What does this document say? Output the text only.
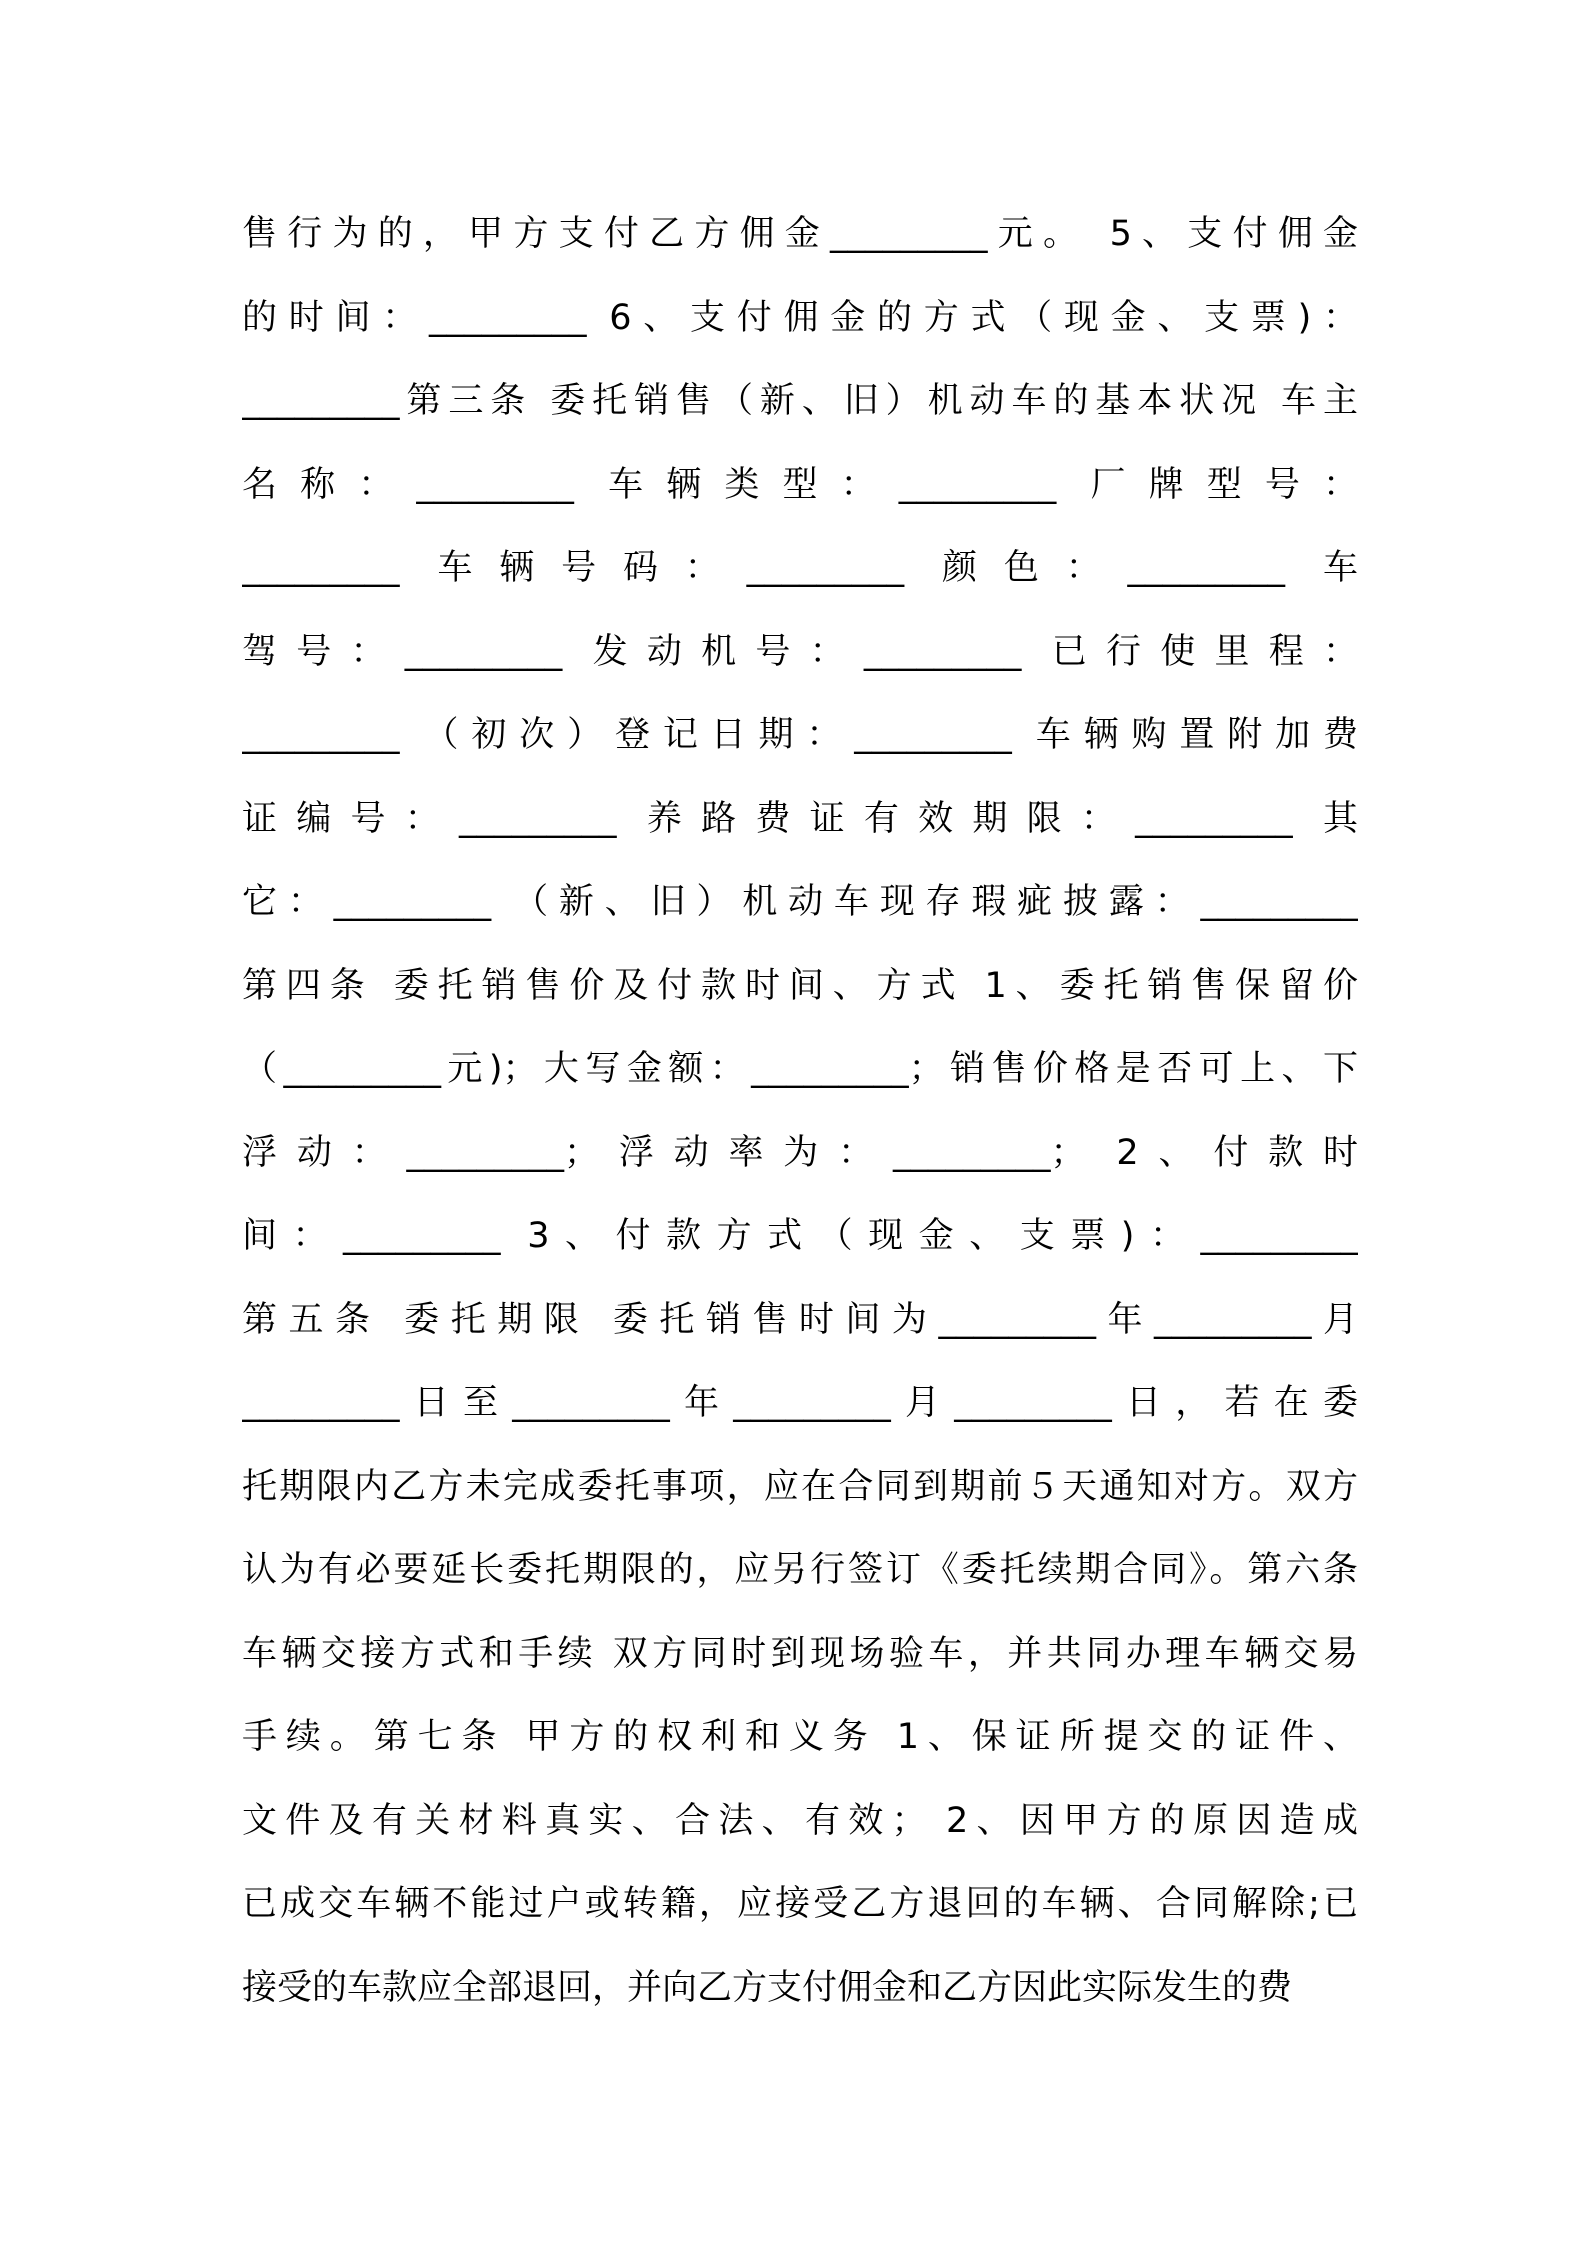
售行为的，甲方支付乙方佣金_________元。 5、支付佣金
的时间：_________ 6、支付佣金的方式（现金、支票)：
_________第三条 委托销售（新、旧）机动车的基本状况 车主
名称：_________ 车辆类型：_________ 厂牌型号：
_________ 车辆号码：_________ 颜色：_________ 车
驾号：_________ 发动机号：_________ 已行使里程：
_________ （初次）登记日期：_________ 车辆购置附加费
证编号：_________ 养路费证有效期限：_________ 其
它：_________ （新、旧）机动车现存瑕疵披露：_________
第四条 委托销售价及付款时间、方式 1、委托销售保留价
（_________元)；大写金额：_________；销售价格是否可上、下
浮动：_________；浮动率为：_________； 2、付款时
间：_________ 3、付款方式（现金、支票)：_________
第五条 委托期限 委托销售时间为_________年_________月
_________日至_________年_________月_________日，若在委
托期限内乙方未完成委托事项，应在合同到期前５天通知对方。双方
认为有必要延长委托期限的，应另行签订《委托续期合同》。第六条
车辆交接方式和手续 双方同时到现场验车，并共同办理车辆交易
手续。第七条 甲方的权利和义务 1、保证所提交的证件、
文件及有关材料真实、合法、有效； 2、因甲方的原因造成
已成交车辆不能过户或转籍，应接受乙方退回的车辆、合同解除;已
接受的车款应全部退回，并向乙方支付佣金和乙方因此实际发生的费
